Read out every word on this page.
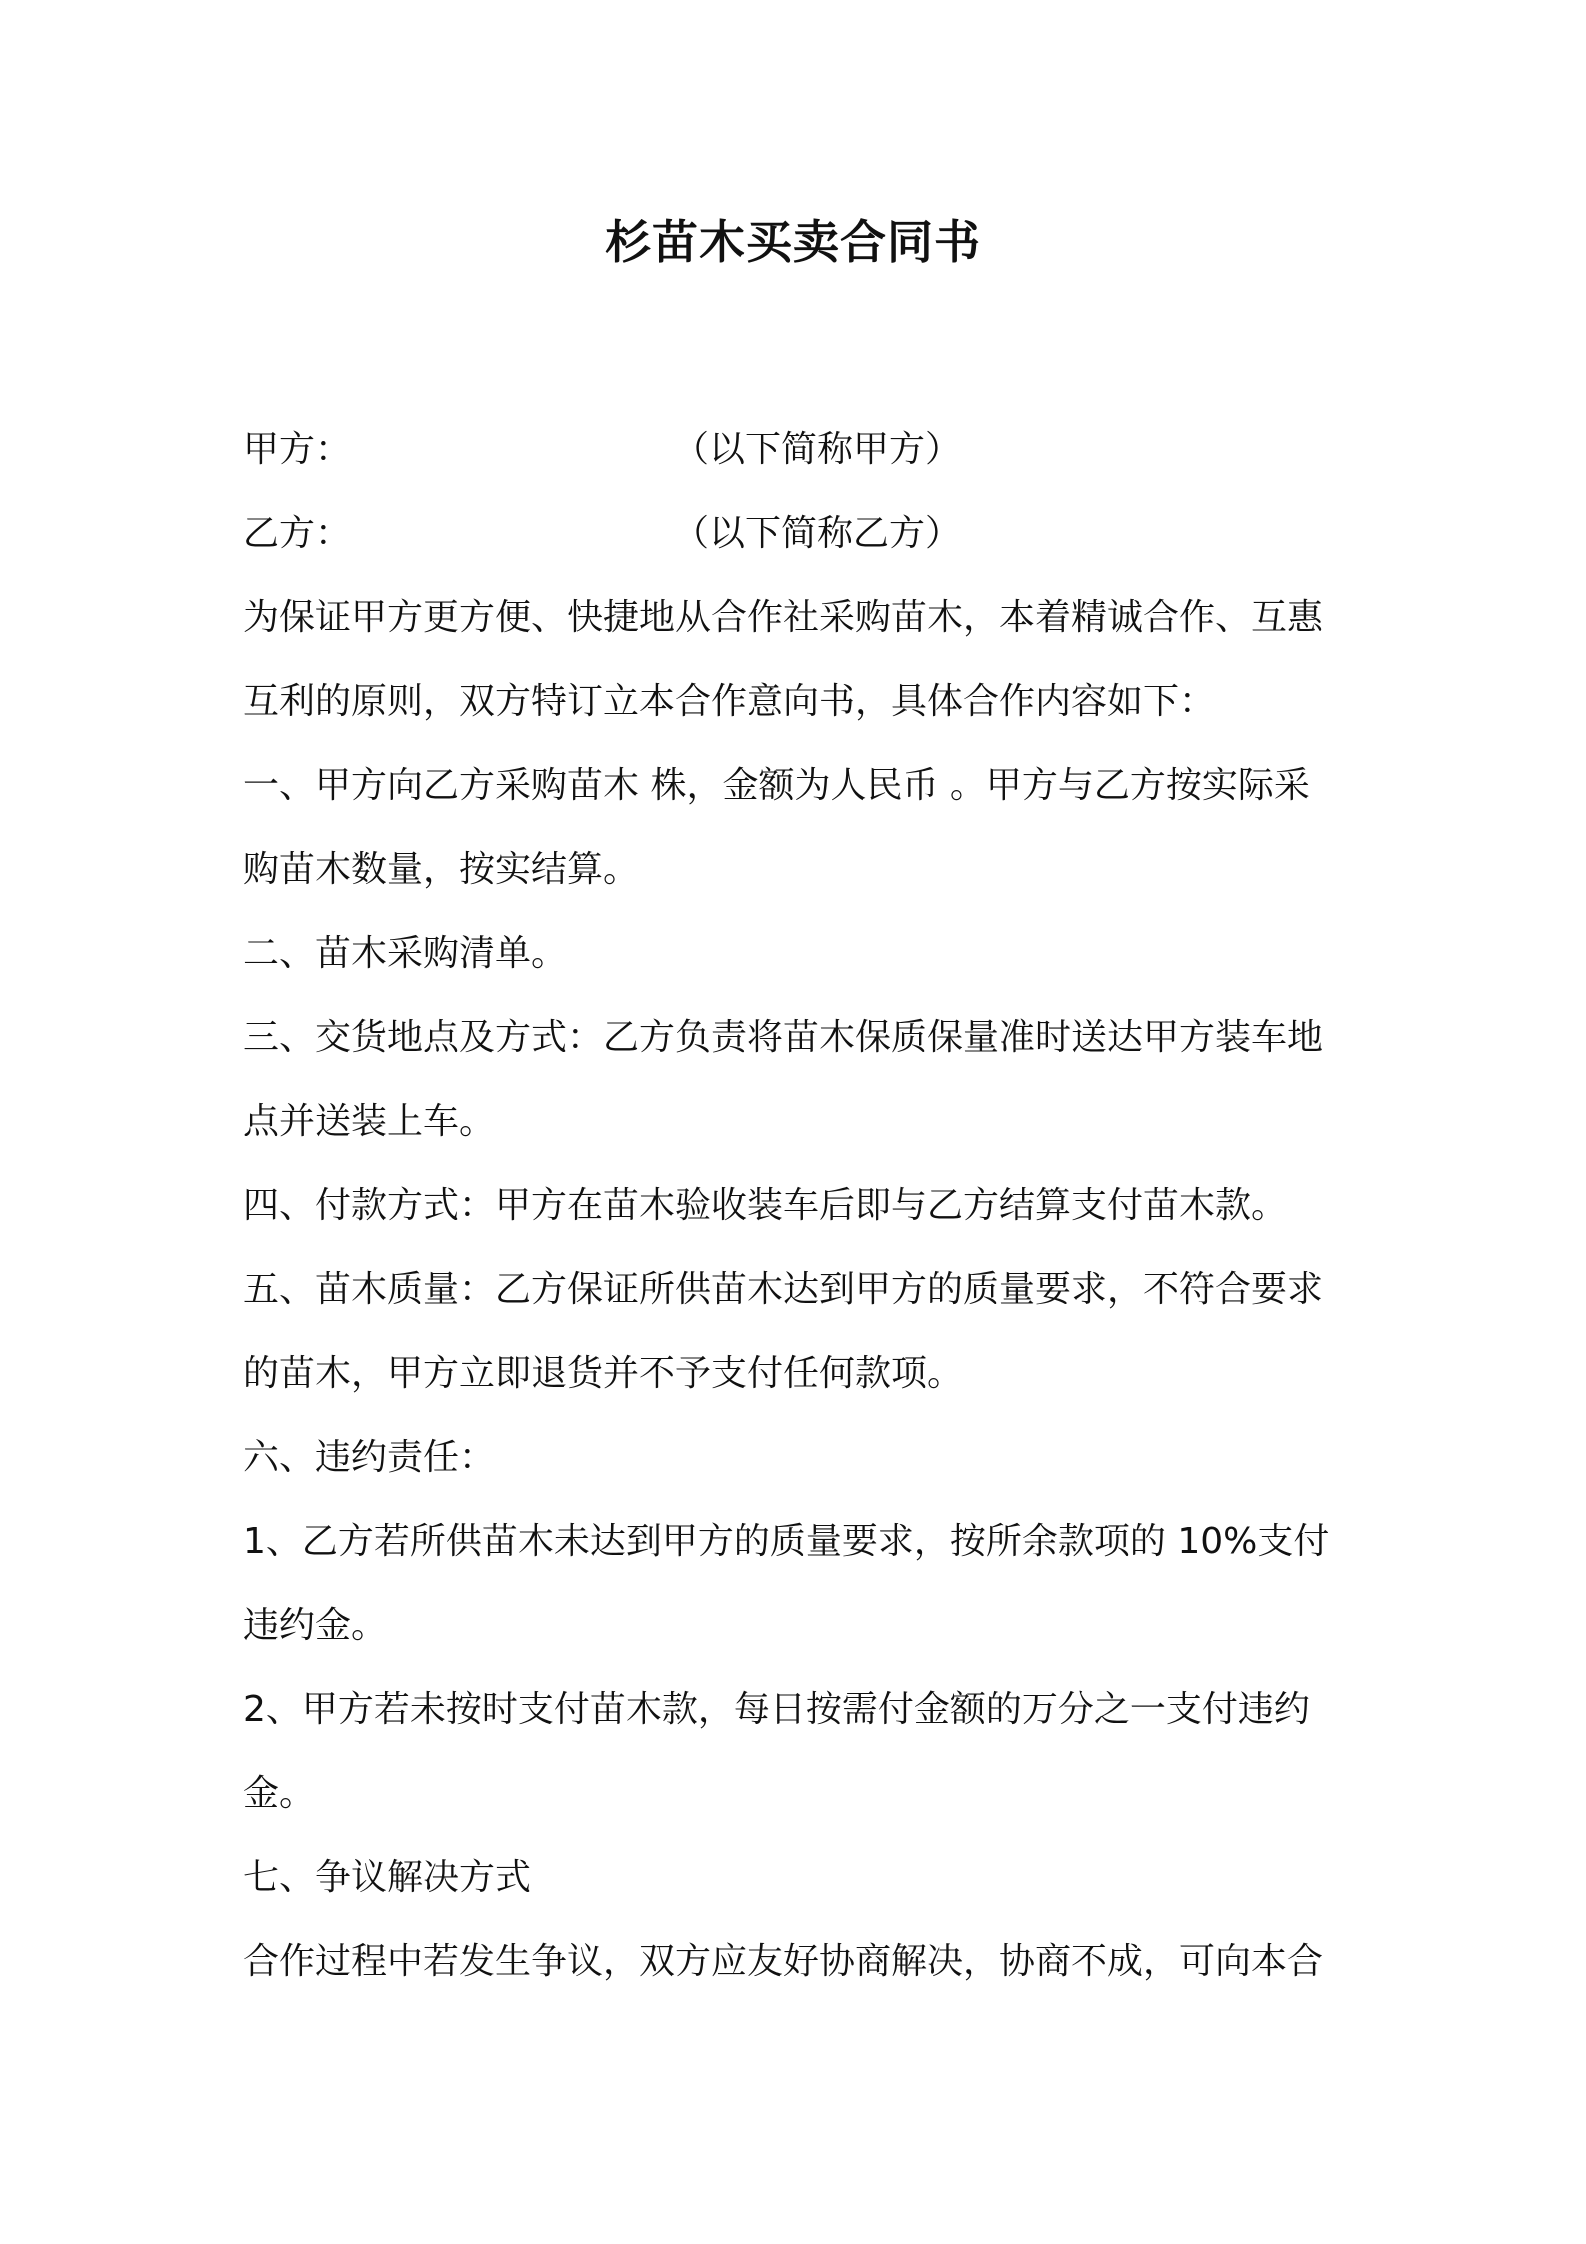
杉苗木买卖合同书
甲方：	（以下简称甲方）
乙方：	（以下简称乙方）
为保证甲方更方便、快捷地从合作社采购苗木，本着精诚合作、互惠
互利的原则，双方特订立本合作意向书，具体合作内容如下：
一、甲方向乙方采购苗木 株，金额为人民币 。甲方与乙方按实际采
购苗木数量，按实结算。
二、苗木采购清单。
三、交货地点及方式：乙方负责将苗木保质保量准时送达甲方装车地
点并送装上车。
四、付款方式：甲方在苗木验收装车后即与乙方结算支付苗木款。
五、苗木质量：乙方保证所供苗木达到甲方的质量要求，不符合要求
的苗木，甲方立即退货并不予支付任何款项。
六、违约责任：
1、乙方若所供苗木未达到甲方的质量要求，按所余款项的 10%支付
违约金。
2、甲方若未按时支付苗木款，每日按需付金额的万分之一支付违约
金。
七、争议解决方式
合作过程中若发生争议，双方应友好协商解决，协商不成，可向本合
